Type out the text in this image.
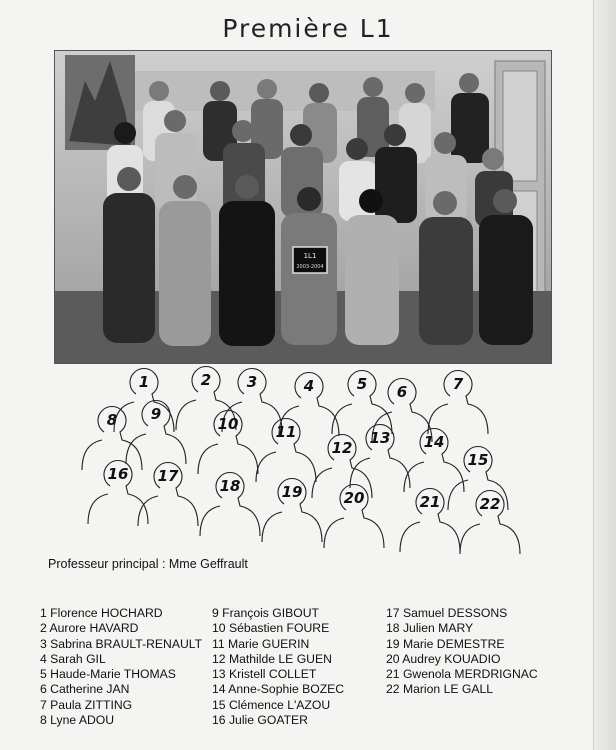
Première L1
1L1
2003-2004
1	2 3	4	5 6	7
8 9
10 11
12
13 14
15
16 17
18	19	20	21	22
Professeur principal : Mme Geffrault
1 Florence HOCHARD
2 Aurore HAVARD
3 Sabrina BRAULT-RENAULT
4 Sarah GIL
5 Haude-Marie THOMAS
6 Catherine JAN
7 Paula ZITTING
8 Lyne ADOU
9 François GIBOUT
10 Sébastien FOURE
11 Marie GUERIN
12 Mathilde LE GUEN
13 Kristell COLLET
14 Anne-Sophie BOZEC
15 Clémence L'AZOU
16 Julie GOATER
17 Samuel DESSONS
18 Julien MARY
19 Marie DEMESTRE
20 Audrey KOUADIO
21 Gwenola MERDRIGNAC
22 Marion LE GALL
